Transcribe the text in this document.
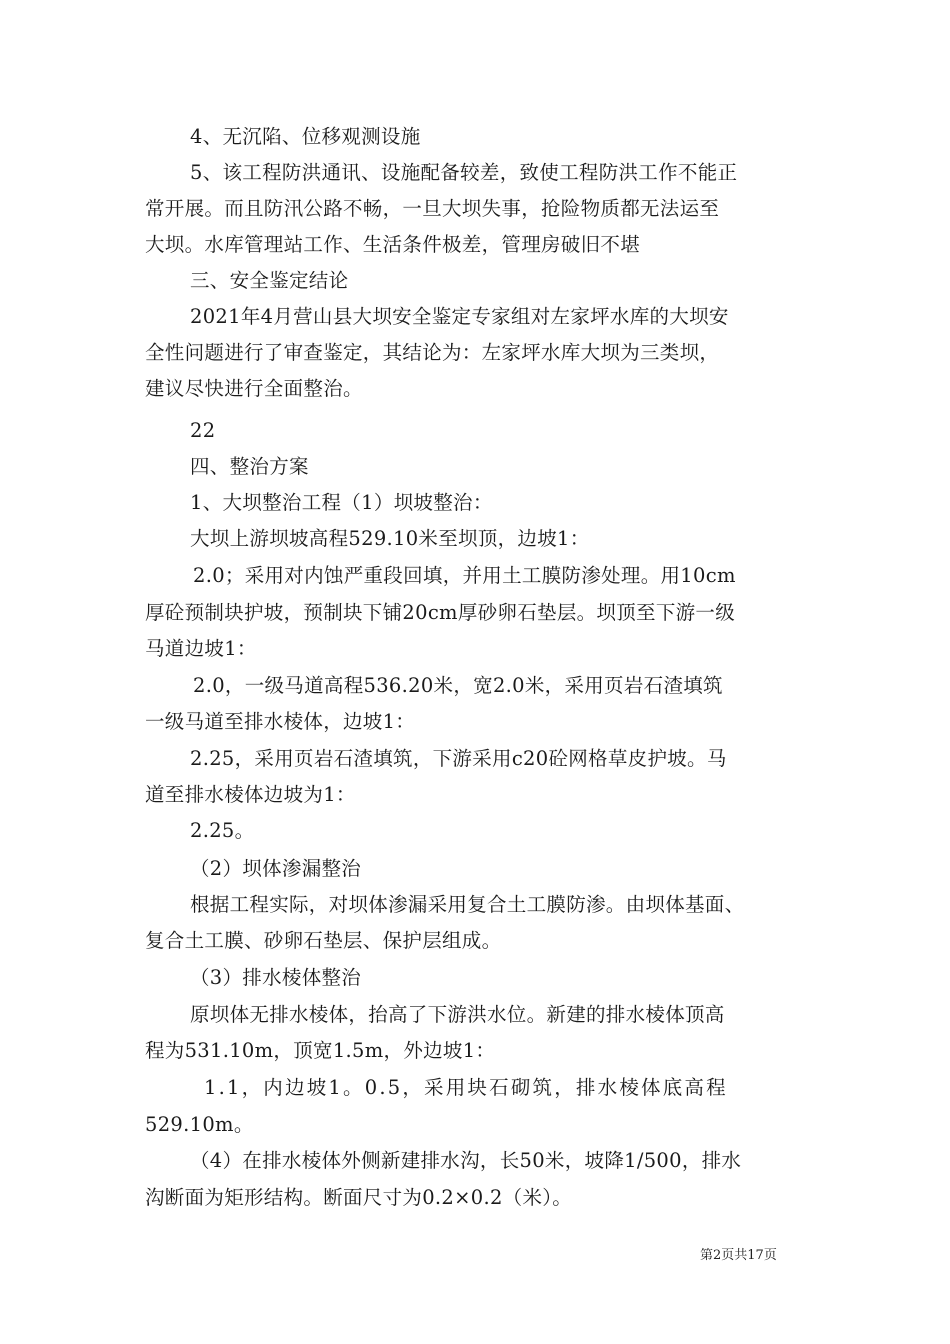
4、无沉陷、位移观测设施

5、该工程防洪通讯、设施配备较差，致使工程防洪工作不能正

常开展。而且防汛公路不畅，一旦大坝失事，抢险物质都无法运至

大坝。水库管理站工作、生活条件极差，管理房破旧不堪

三、安全鉴定结论

2021年4月营山县大坝安全鉴定专家组对左家坪水库的大坝安

全性问题进行了审查鉴定，其结论为：左家坪水库大坝为三类坝，

建议尽快进行全面整治。

22

四、整治方案

1、大坝整治工程（1）坝坡整治：

大坝上游坝坡高程529.10米至坝顶，边坡1：

2.0；采用对内蚀严重段回填，并用土工膜防渗处理。用10cm

厚砼预制块护坡，预制块下铺20cm厚砂卵石垫层。坝顶至下游一级

马道边坡1：

2.0，一级马道高程536.20米，宽2.0米，采用页岩石渣填筑

一级马道至排水棱体，边坡1：

2.25，采用页岩石渣填筑，下游采用c20砼网格草皮护坡。马

道至排水棱体边坡为1：

2.25。

（2）坝体渗漏整治

根据工程实际，对坝体渗漏采用复合土工膜防渗。由坝体基面、

复合土工膜、砂卵石垫层、保护层组成。

（3）排水棱体整治

原坝体无排水棱体，抬高了下游洪水位。新建的排水棱体顶高

程为531.10m，顶宽1.5m，外边坡1：

1.1，内边坡1。0.5，采用块石砌筑，排水棱体底高程

529.10m。

（4）在排水棱体外侧新建排水沟，长50米，坡降1/500，排水

沟断面为矩形结构。断面尺寸为0.2×0.2（米）。

第2页共17页
